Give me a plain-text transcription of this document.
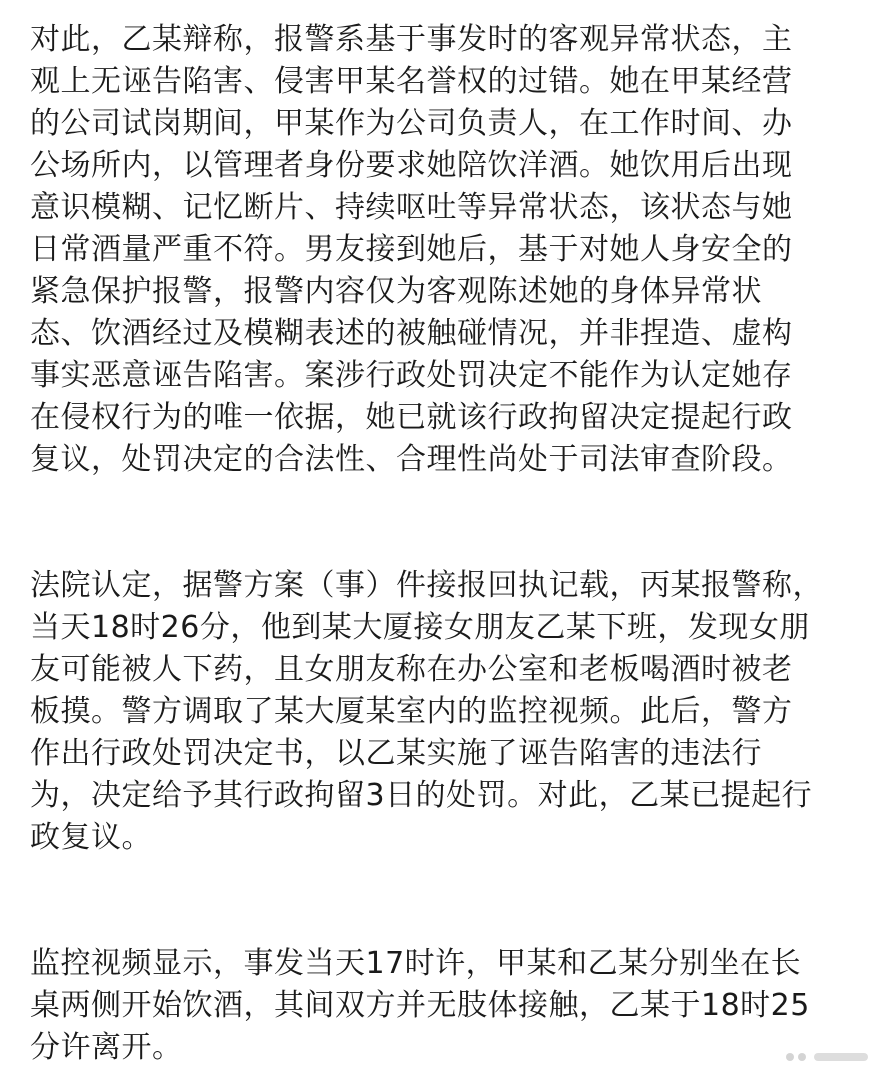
对此，乙某辩称，报警系基于事发时的客观异常状态，主
观上无诬告陷害、侵害甲某名誉权的过错。她在甲某经营
的公司试岗期间，甲某作为公司负责人，在工作时间、办
公场所内，以管理者身份要求她陪饮洋酒。她饮用后出现
意识模糊、记忆断片、持续呕吐等异常状态，该状态与她
日常酒量严重不符。男友接到她后，基于对她人身安全的
紧急保护报警，报警内容仅为客观陈述她的身体异常状
态、饮酒经过及模糊表述的被触碰情况，并非捏造、虚构
事实恶意诬告陷害。案涉行政处罚决定不能作为认定她存
在侵权行为的唯一依据，她已就该行政拘留决定提起行政
复议，处罚决定的合法性、合理性尚处于司法审查阶段。
法院认定，据警方案（事）件接报回执记载，丙某报警称，
当天18时26分，他到某大厦接女朋友乙某下班，发现女朋
友可能被人下药，且女朋友称在办公室和老板喝酒时被老
板摸。警方调取了某大厦某室内的监控视频。此后，警方
作出行政处罚决定书，以乙某实施了诬告陷害的违法行
为，决定给予其行政拘留3日的处罚。对此，乙某已提起行
政复议。
监控视频显示，事发当天17时许，甲某和乙某分别坐在长
桌两侧开始饮酒，其间双方并无肢体接触，乙某于18时25
分许离开。
